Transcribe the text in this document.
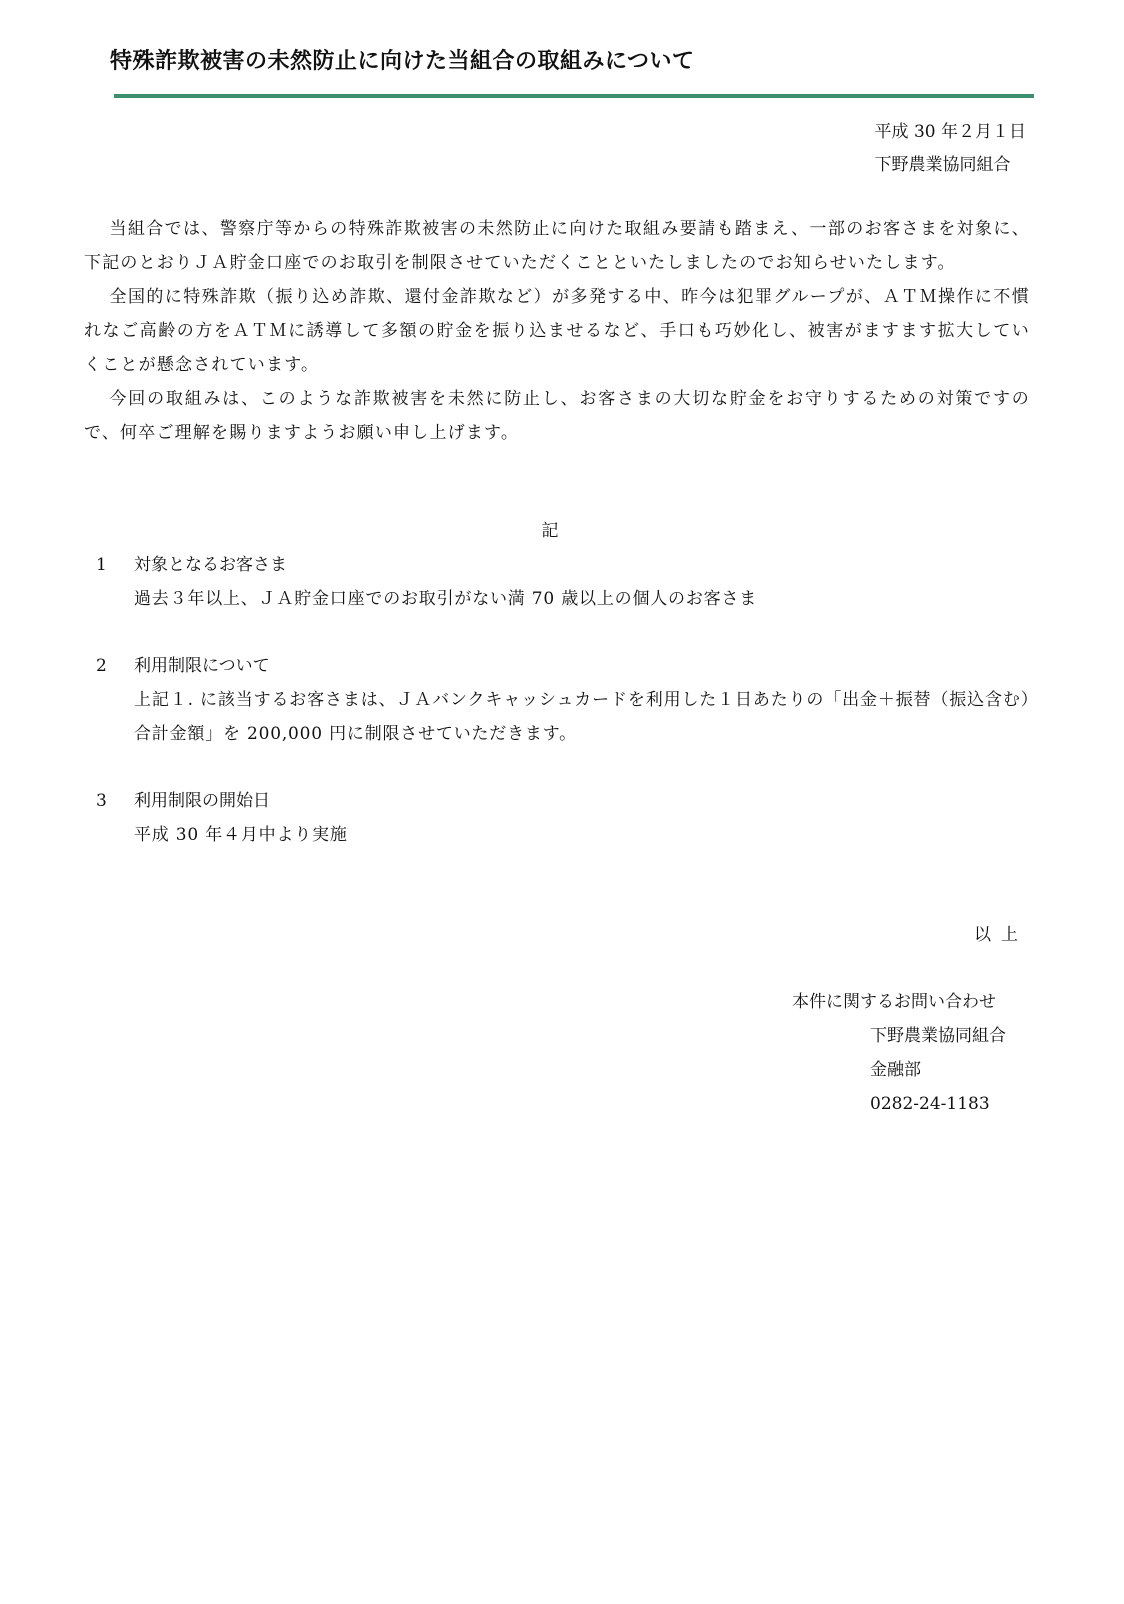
特殊詐欺被害の未然防止に向けた当組合の取組みについて
平成 30 年２月１日
下野農業協同組合

当組合では、警察庁等からの特殊詐欺被害の未然防止に向けた取組み要請も踏まえ、一部のお客さまを対象に、下記のとおりＪＡ貯金口座でのお取引を制限させていただくことといたしましたのでお知らせいたします。

全国的に特殊詐欺（振り込め詐欺、還付金詐欺など）が多発する中、昨今は犯罪グループが、ＡＴＭ操作に不慣れなご高齢の方をＡＴＭに誘導して多額の貯金を振り込ませるなど、手口も巧妙化し、被害がますます拡大していくことが懸念されています。

今回の取組みは、このような詐欺被害を未然に防止し、お客さまの大切な貯金をお守りするための対策ですので、何卒ご理解を賜りますようお願い申し上げます。

記
1	対象となるお客さま
過去３年以上、ＪＡ貯金口座でのお取引がない満 70 歳以上の個人のお客さま
2	利用制限について
上記１. に該当するお客さまは、ＪＡバンクキャッシュカードを利用した１日あたりの「出金＋振替（振込含む）合計金額」を 200,000 円に制限させていただきます。
3	利用制限の開始日
平成 30 年４月中より実施
以上
本件に関するお問い合わせ
下野農業協同組合
金融部
0282-24-1183
